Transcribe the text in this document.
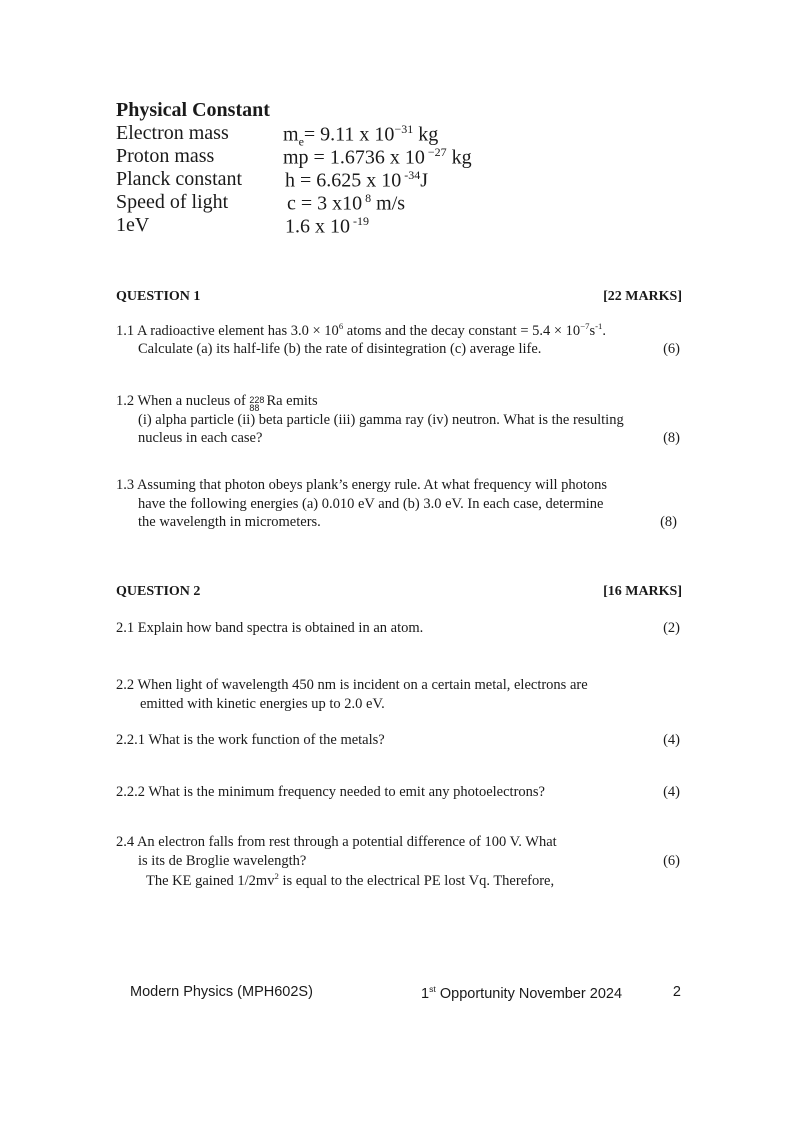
Physical Constant
Electron mass	$m_e= 9.11$ x $10^{-31}$ kg
Proton mass	mp = 1.6736 x 10 $^{-27}$ kg
Planck constant h = 6.625 x 10 $^{-34}$J
Speed of light	c = 3 x10 $^8$ m/s
1eV	1.6 x 10 $^{-19}$
QUESTION 1	[22 MARKS]
1.1 A radioactive element has $3.0 \times 10^6$ atoms and the decay constant = $5.4 \times 10^{-7}s^{-1}$.
Calculate (a) its half-life (b) the rate of disintegration (c) average life.	(6)
1.2 When a nucleus of 228
88 Ra emits
(i) alpha particle (ii) beta particle (iii) gamma ray (iv) neutron. What is the resulting
nucleus in each case?	(8)
1.3 Assuming that photon obeys plank’s energy rule. At what frequency will photons
have the following energies (a) 0.010 eV and (b) 3.0 eV. In each case, determine
the wavelength in micrometers.	(8)
QUESTION 2	[16 MARKS]
2.1 Explain how band spectra is obtained in an atom.	(2)
2.2 When light of wavelength 450 nm is incident on a certain metal, electrons are
emitted with kinetic energies up to 2.0 eV.
2.2.1 What is the work function of the metals?	(4)
2.2.2 What is the minimum frequency needed to emit any photoelectrons?	(4)
2.4 An electron falls from rest through a potential difference of 100 V. What
is its de Broglie wavelength?	(6)
The KE gained $1/2mv^2$ is equal to the electrical PE lost Vq. Therefore,
Modern Physics (MPH602S)	1st Opportunity November 2024	2
